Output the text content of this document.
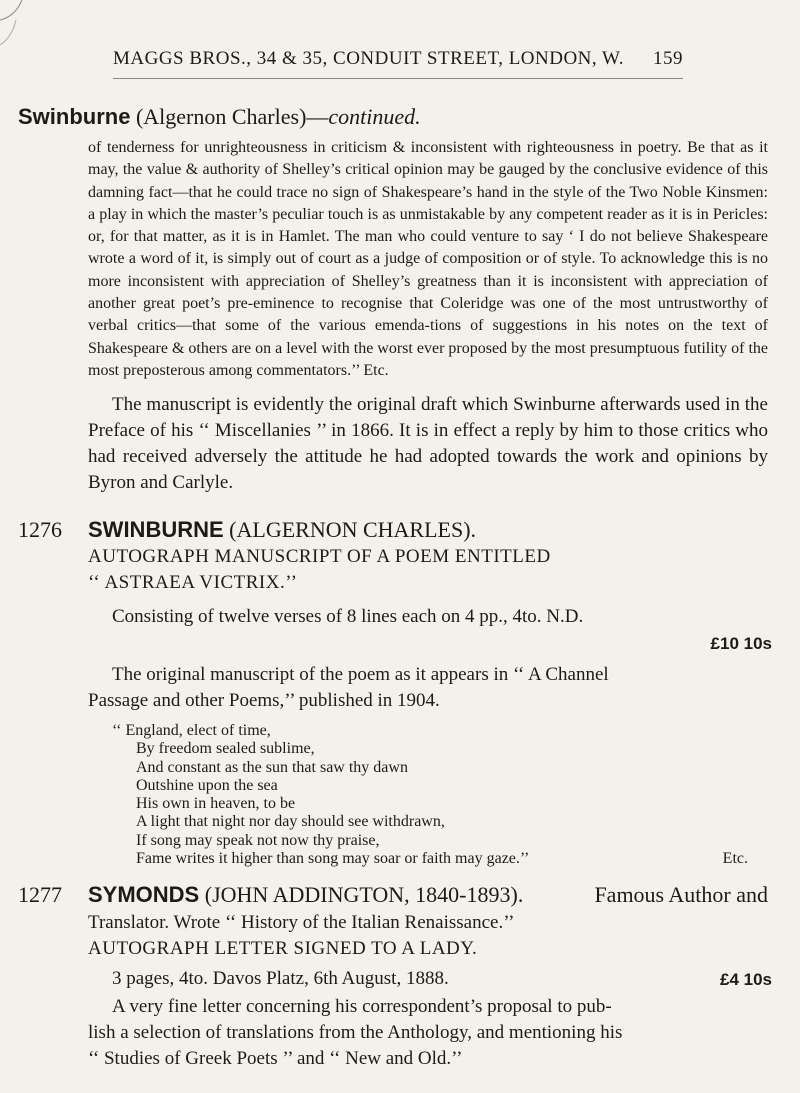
MAGGS BROS., 34 & 35, CONDUIT STREET, LONDON, W. 159
Swinburne (Algernon Charles)—continued.
of tenderness for unrighteousness in criticism & inconsistent with righteousness in poetry. Be that as it may, the value & authority of Shelley’s critical opinion may be gauged by the conclusive evidence of this damning fact—that he could trace no sign of Shakespeare’s hand in the style of the Two Noble Kinsmen: a play in which the master’s peculiar touch is as unmistakable by any competent reader as it is in Pericles: or, for that matter, as it is in Hamlet. The man who could venture to say ‘ I do not believe Shakespeare wrote a word of it, is simply out of court as a judge of composition or of style. To acknowledge this is no more inconsistent with appreciation of Shelley’s greatness than it is inconsistent with appreciation of another great poet’s pre-eminence to recognise that Coleridge was one of the most untrustworthy of verbal critics—that some of the various emenda-tions of suggestions in his notes on the text of Shakespeare & others are on a level with the worst ever proposed by the most presumptuous futility of the most preposterous among commentators.’’ Etc.
The manuscript is evidently the original draft which Swinburne afterwards used in the Preface of his ‘‘ Miscellanies ’’ in 1866. It is in effect a reply by him to those critics who had received adversely the attitude he had adopted towards the work and opinions by Byron and Carlyle.
1276 SWINBURNE (ALGERNON CHARLES).
AUTOGRAPH MANUSCRIPT OF A POEM ENTITLED
‘‘ ASTRAEA VICTRIX.’’
Consisting of twelve verses of 8 lines each on 4 pp., 4to. N.D.
£10 10s
The original manuscript of the poem as it appears in ‘‘ A Channel
Passage and other Poems,’’ published in 1904.
‘‘ England, elect of time,
By freedom sealed sublime,
And constant as the sun that saw thy dawn
Outshine upon the sea
His own in heaven, to be
A light that night nor day should see withdrawn,
If song may speak not now thy praise,
Fame writes it higher than song may soar or faith may gaze.’’	Etc.
1277 SYMONDS (JOHN ADDINGTON, 1840-1893).	Famous Author and
Translator. Wrote ‘‘ History of the Italian Renaissance.’’
AUTOGRAPH LETTER SIGNED TO A LADY.
3 pages, 4to. Davos Platz, 6th August, 1888.	£4 10s
A very fine letter concerning his correspondent’s proposal to pub-
lish a selection of translations from the Anthology, and mentioning his
‘‘ Studies of Greek Poets ’’ and ‘‘ New and Old.’’
